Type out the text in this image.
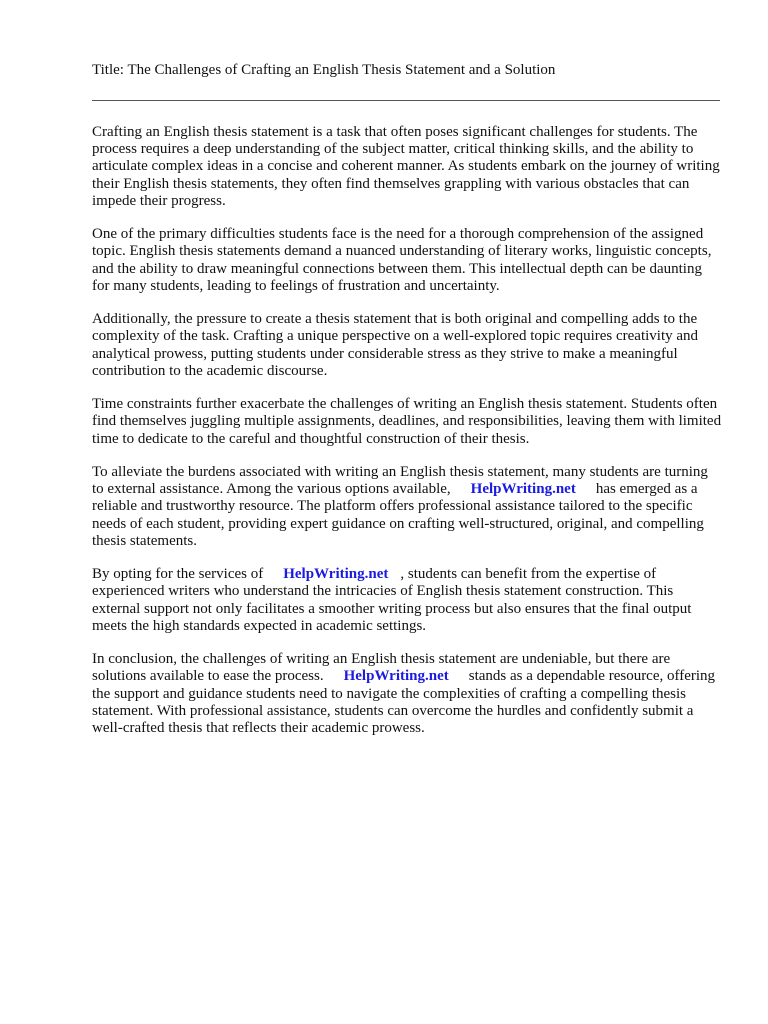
Title: The Challenges of Crafting an English Thesis Statement and a Solution

Crafting an English thesis statement is a task that often poses significant challenges for students. The process requires a deep understanding of the subject matter, critical thinking skills, and the ability to articulate complex ideas in a concise and coherent manner. As students embark on the journey of writing their English thesis statements, they often find themselves grappling with various obstacles that can impede their progress.

One of the primary difficulties students face is the need for a thorough comprehension of the assigned topic. English thesis statements demand a nuanced understanding of literary works, linguistic concepts, and the ability to draw meaningful connections between them. This intellectual depth can be daunting for many students, leading to feelings of frustration and uncertainty.

Additionally, the pressure to create a thesis statement that is both original and compelling adds to the complexity of the task. Crafting a unique perspective on a well-explored topic requires creativity and analytical prowess, putting students under considerable stress as they strive to make a meaningful contribution to the academic discourse.

Time constraints further exacerbate the challenges of writing an English thesis statement. Students often find themselves juggling multiple assignments, deadlines, and responsibilities, leaving them with limited time to dedicate to the careful and thoughtful construction of their thesis.

To alleviate the burdens associated with writing an English thesis statement, many students are turning to external assistance. Among the various options available, HelpWriting.net has emerged as a reliable and trustworthy resource. The platform offers professional assistance tailored to the specific needs of each student, providing expert guidance on crafting well-structured, original, and compelling thesis statements.

By opting for the services of HelpWriting.net , students can benefit from the expertise of experienced writers who understand the intricacies of English thesis statement construction. This external support not only facilitates a smoother writing process but also ensures that the final output meets the high standards expected in academic settings.

In conclusion, the challenges of writing an English thesis statement are undeniable, but there are solutions available to ease the process. HelpWriting.net stands as a dependable resource, offering the support and guidance students need to navigate the complexities of crafting a compelling thesis statement. With professional assistance, students can overcome the hurdles and confidently submit a well-crafted thesis that reflects their academic prowess.
